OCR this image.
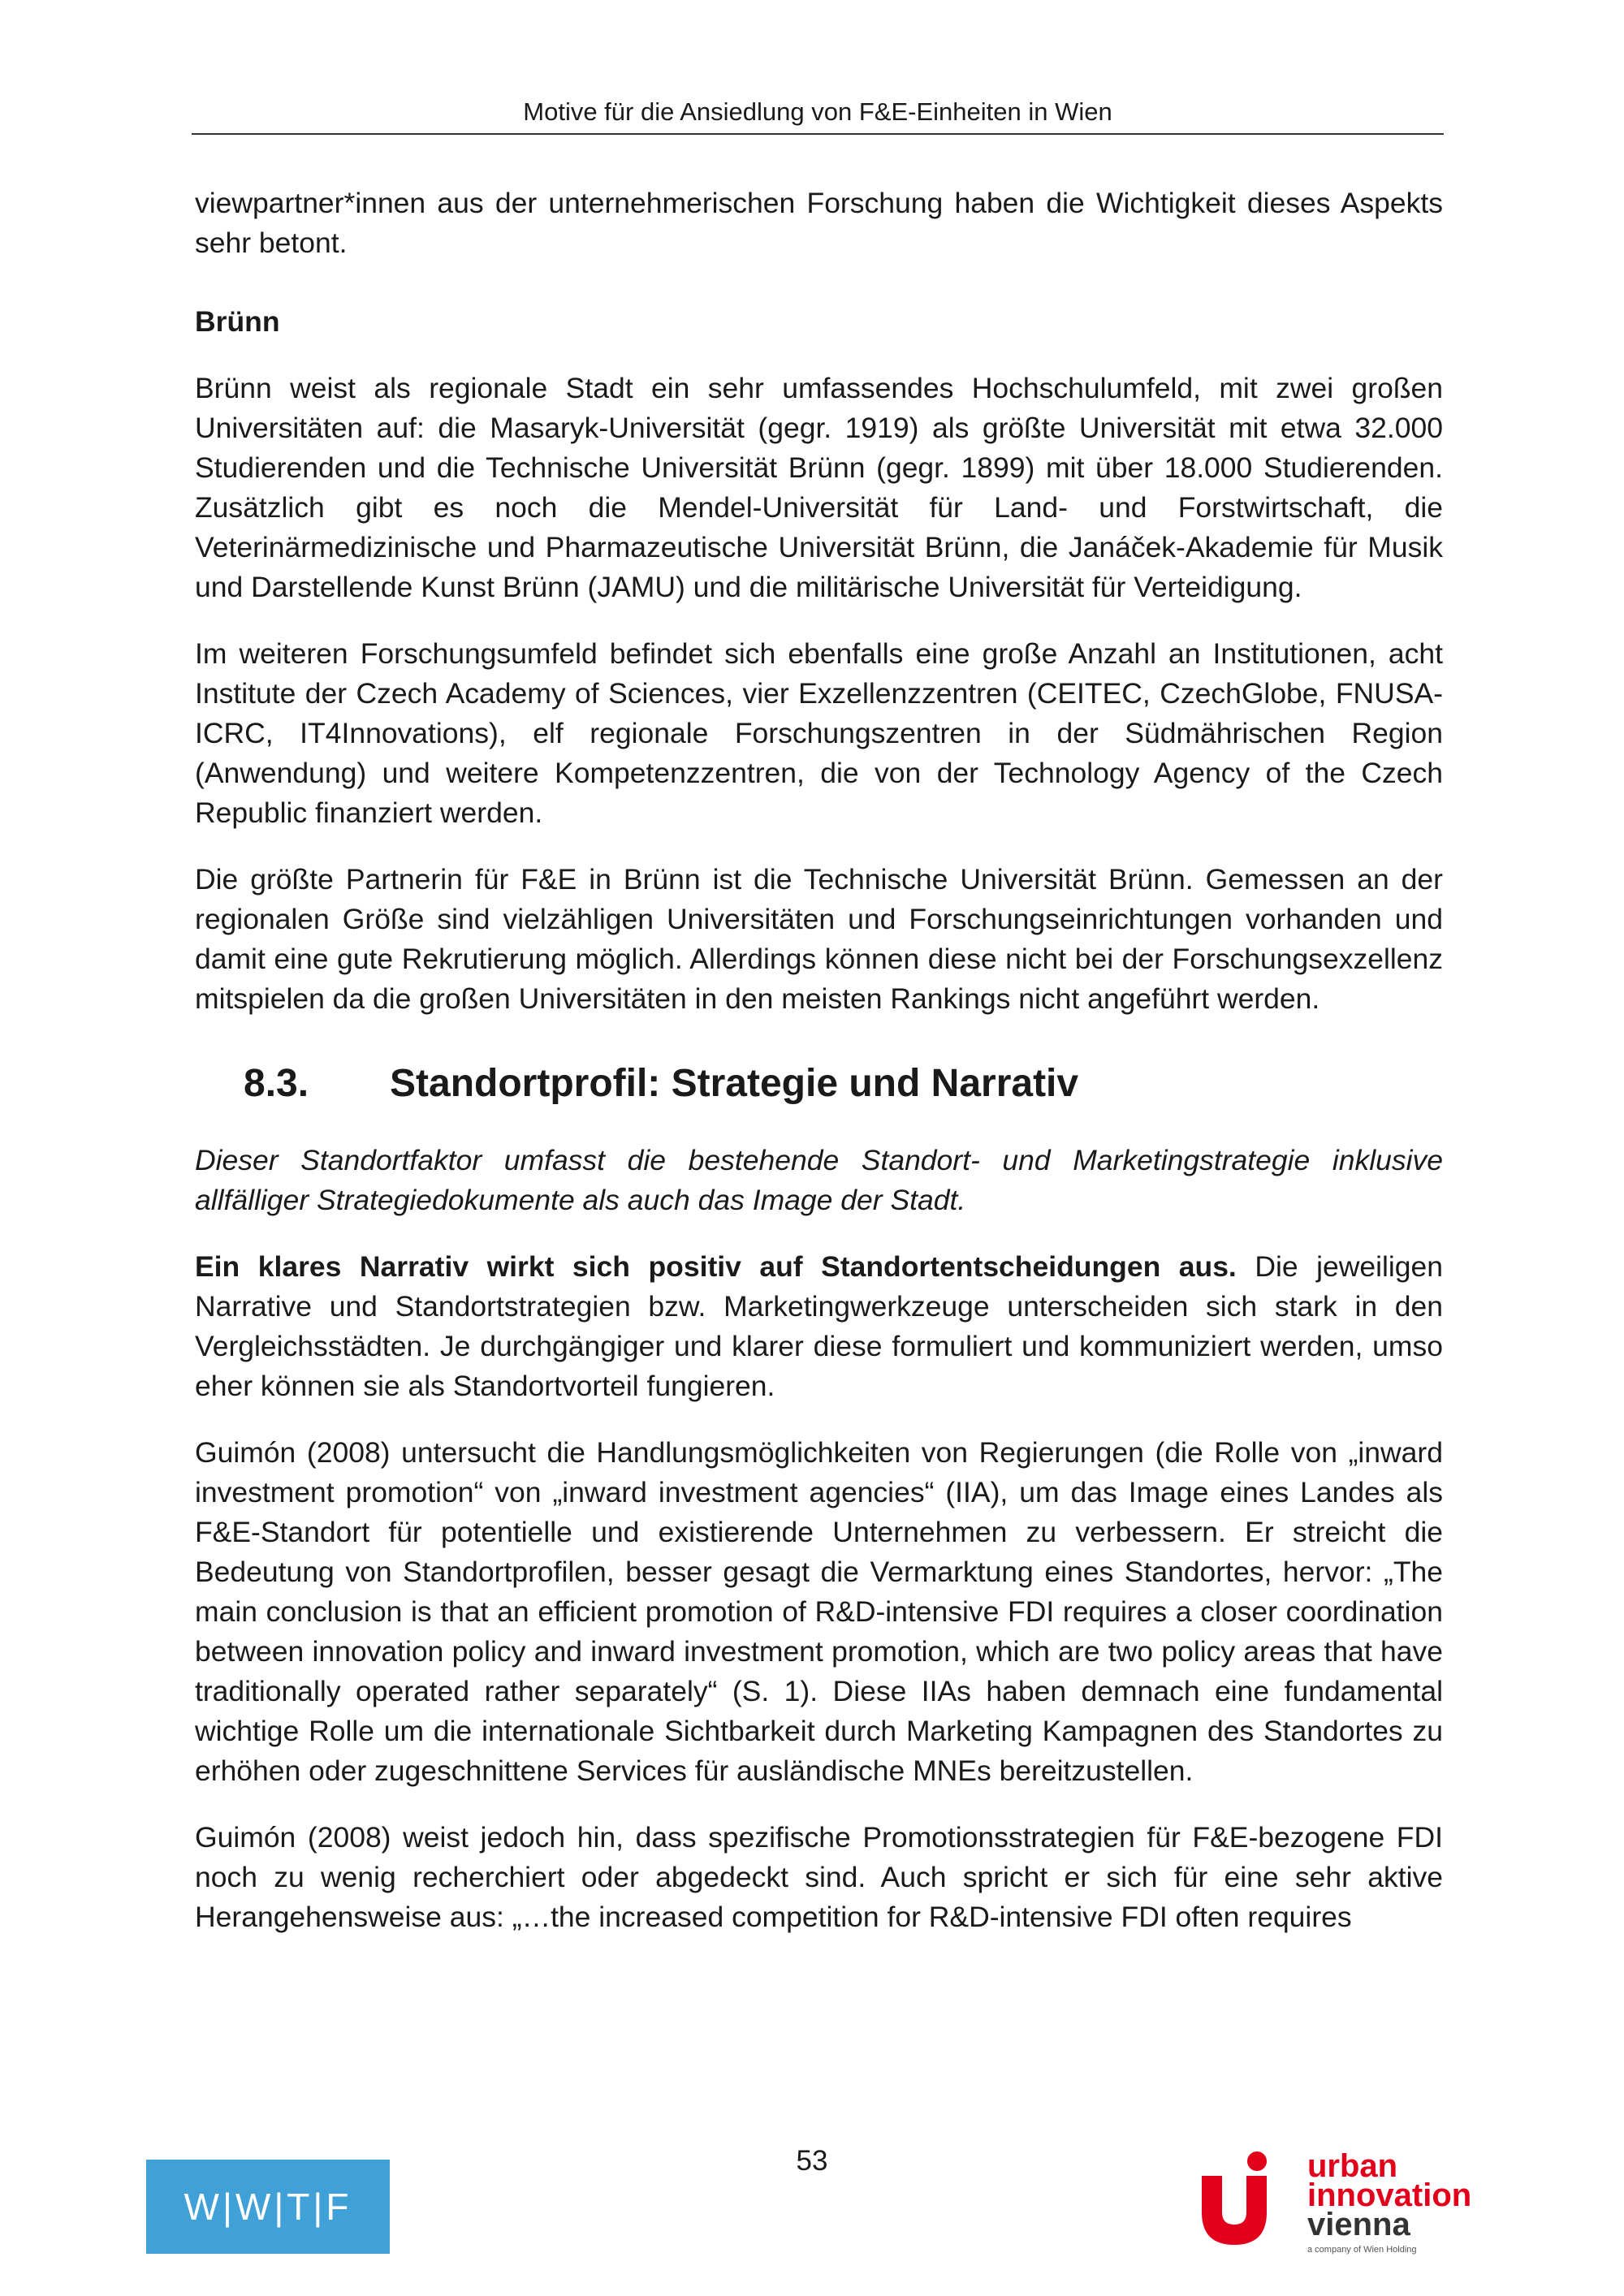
Motive für die Ansiedlung von F&E-Einheiten in Wien

viewpartner*innen aus der unternehmerischen Forschung haben die Wichtigkeit dieses Aspekts sehr betont.

Brünn

Brünn weist als regionale Stadt ein sehr umfassendes Hochschulumfeld, mit zwei großen Universitäten auf: die Masaryk-Universität (gegr. 1919) als größte Universität mit etwa 32.000 Studierenden und die Technische Universität Brünn (gegr. 1899) mit über 18.000 Studierenden. Zusätzlich gibt es noch die Mendel-Universität für Land- und Forstwirtschaft, die Veterinärmedizinische und Pharmazeutische Universität Brünn, die Janáček-Akademie für Musik und Darstellende Kunst Brünn (JAMU) und die militärische Universität für Verteidigung.

Im weiteren Forschungsumfeld befindet sich ebenfalls eine große Anzahl an Institutionen, acht Institute der Czech Academy of Sciences, vier Exzellenzzentren (CEITEC, CzechGlobe, FNUSA-ICRC, IT4Innovations), elf regionale Forschungszentren in der Südmährischen Region (Anwendung) und weitere Kompetenzzentren, die von der Technology Agency of the Czech Republic finanziert werden.

Die größte Partnerin für F&E in Brünn ist die Technische Universität Brünn. Gemessen an der regionalen Größe sind vielzähligen Universitäten und Forschungseinrichtungen vorhanden und damit eine gute Rekrutierung möglich. Allerdings können diese nicht bei der Forschungsexzellenz mitspielen da die großen Universitäten in den meisten Rankings nicht angeführt werden.

8.3. Standortprofil: Strategie und Narrativ

Dieser Standortfaktor umfasst die bestehende Standort- und Marketingstrategie inklusive allfälliger Strategiedokumente als auch das Image der Stadt.

Ein klares Narrativ wirkt sich positiv auf Standortentscheidungen aus. Die jeweiligen Narrative und Standortstrategien bzw. Marketingwerkzeuge unterscheiden sich stark in den Vergleichsstädten. Je durchgängiger und klarer diese formuliert und kommuniziert werden, umso eher können sie als Standortvorteil fungieren.

Guimón (2008) untersucht die Handlungsmöglichkeiten von Regierungen (die Rolle von „inward investment promotion“ von „inward investment agencies“ (IIA), um das Image eines Landes als F&E-Standort für potentielle und existierende Unternehmen zu verbessern. Er streicht die Bedeutung von Standortprofilen, besser gesagt die Vermarktung eines Standortes, hervor: „The main conclusion is that an efficient promotion of R&D-intensive FDI requires a closer coordination between innovation policy and inward investment promotion, which are two policy areas that have traditionally operated rather separately“ (S. 1). Diese IIAs haben demnach eine fundamental wichtige Rolle um die internationale Sichtbarkeit durch Marketing Kampagnen des Standortes zu erhöhen oder zugeschnittene Services für ausländische MNEs bereitzustellen.

Guimón (2008) weist jedoch hin, dass spezifische Promotionsstrategien für F&E-bezogene FDI noch zu wenig recherchiert oder abgedeckt sind. Auch spricht er sich für eine sehr aktive Herangehensweise aus: „…the increased competition for R&D-intensive FDI often requires

53
W|W|T|F
urban
innovation
vienna
a company of Wien Holding
